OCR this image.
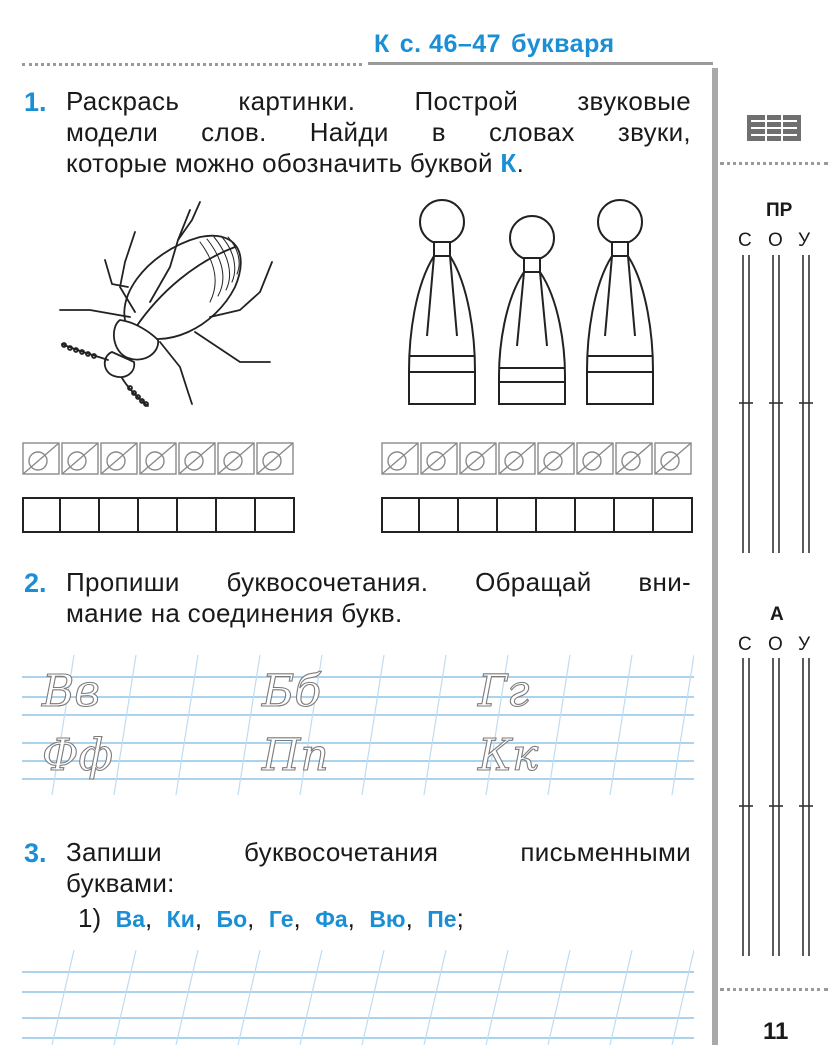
К с. 46–47 букваря
ПР
С О У
А
С О У
11
1. Раскрась картинки. Построй звуковые
модели слов. Найди в словах звуки,
которые можно обозначить буквой К.
2. Пропиши буквосочетания. Обращай вни-
мание на соединения букв.
Вв	Бб	Гг
Фф	Пп	Кк
3. Запиши	буквосочетания	письменными
буквами:
1) Ва, Ки, Бо, Ге, Фа, Вю, Пе;
